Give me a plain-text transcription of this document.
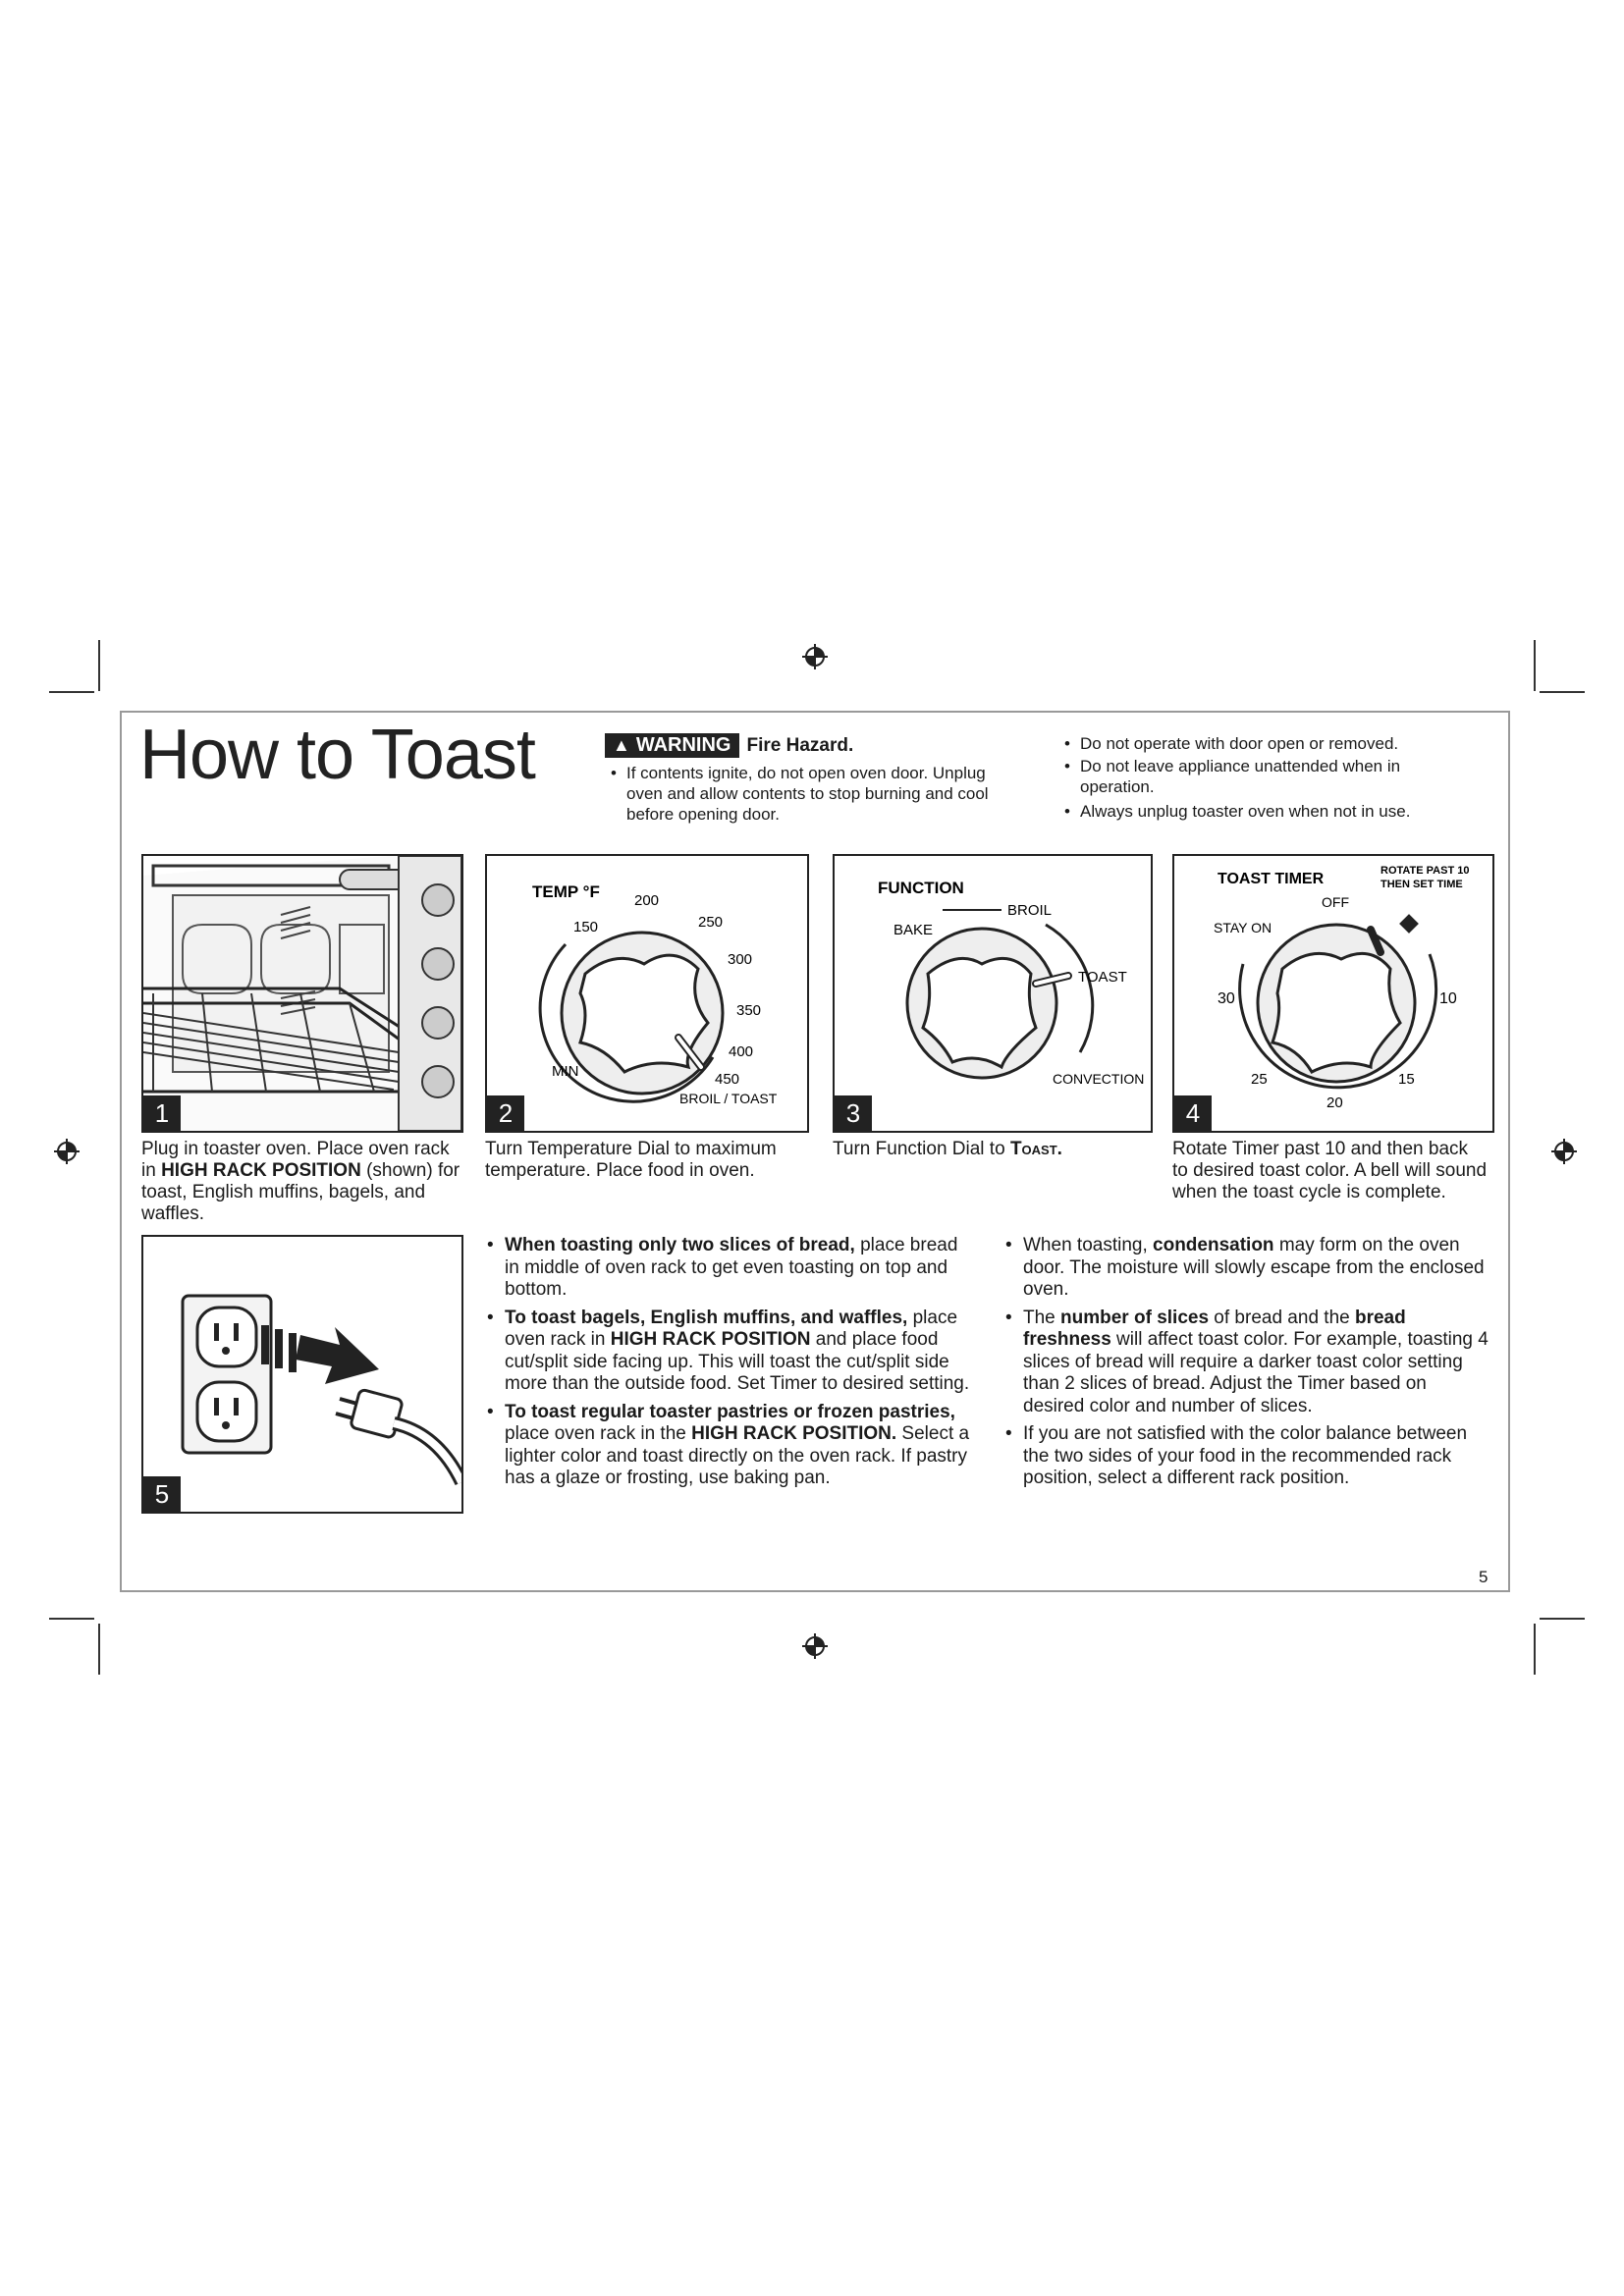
How to Toast	▲ WARNING Fire Hazard.
• If contents ignite, do not open oven door. Unplug
oven and allow contents to stop burning and cool
before opening door.
• Do not operate with door open or removed.
• Do not leave appliance unattended when in
operation.
• Always unplug toaster oven when not in use.
1
TEMP °F
150
200
250
300
350
400
450
BROIL / TOAST
MIN
2
FUNCTION
BAKE
BROIL
TOAST
CONVECTION
3
TOAST TIMER	ROTATE PAST 10
THEN SET TIME
OFF
STAY ON
30	10
25	15
20
4
5
Plug in toaster oven. Place oven rack in HIGH RACK POSITION (shown) for toast, English muffins, bagels, and waffles.
Turn Temperature Dial to maximum temperature. Place food in oven.
Turn Function Dial to Toast.	Rotate Timer past 10 and then back to desired toast color. A bell will sound when the toast cycle is complete.
• When toasting only two slices of bread, place bread in middle of oven rack to get even toasting on top and bottom.
• To toast bagels, English muffins, and waffles, place oven rack in HIGH RACK POSITION and place food cut/split side facing up. This will toast the cut/split side more than the outside food. Set Timer to desired setting.
• To toast regular toaster pastries or frozen pastries, place oven rack in the HIGH RACK POSITION. Select a lighter color and toast directly on the oven rack. If pastry has a glaze or frosting, use baking pan.
• When toasting, condensation may form on the oven door. The moisture will slowly escape from the enclosed oven.
• The number of slices of bread and the bread freshness will affect toast color. For example, toasting 4 slices of bread will require a darker toast color setting than 2 slices of bread. Adjust the Timer based on desired color and number of slices.
• If you are not satisfied with the color balance between the two sides of your food in the recommended rack position, select a different rack position.
5
